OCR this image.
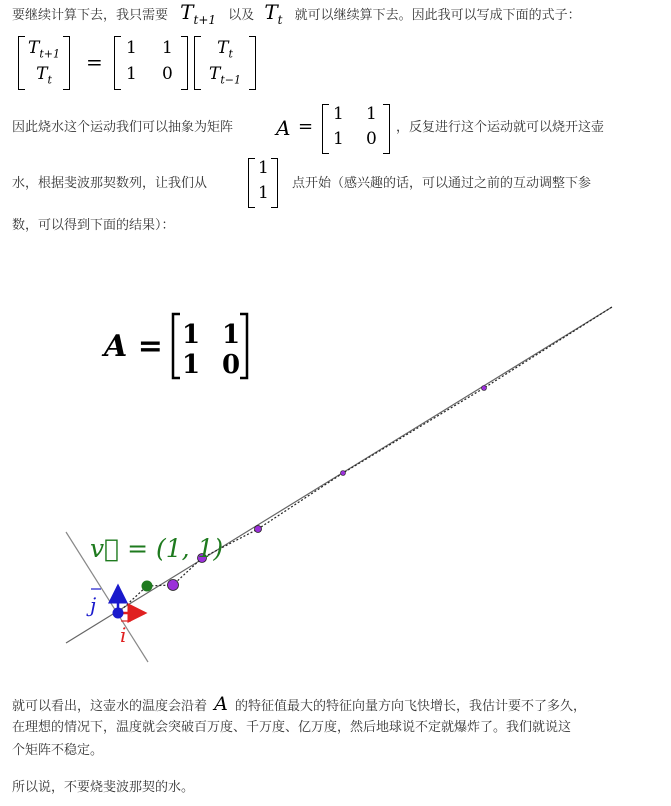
要继续计算下去，我只需要 $T_{t+1}$ 以及 $T_t$ 就可以继续算下去。因此我可以写成下面的式子：
$T_{t+1}$
$T_t$
=
1 1
1 0
$T_t$
$T_{t-1}$
因此烧水这个运动我们可以抽象为矩阵 A =
1 1
1 0
，反复进行这个运动就可以烧开这壶
水，根据斐波那契数列，让我们从
1
1 点开始（感兴趣的话，可以通过之前的互动调整下参
数，可以得到下面的结果）：
A = 1 1
1 0
v⃗ = (1, 1)
i
j
就可以看出，这壶水的温度会沿着 A 的特征值最大的特征向量方向飞快增长，我估计要不了多久，
在理想的情况下，温度就会突破百万度、千万度、亿万度，然后地球说不定就爆炸了。我们就说这
个矩阵不稳定。
所以说，不要烧斐波那契的水。
